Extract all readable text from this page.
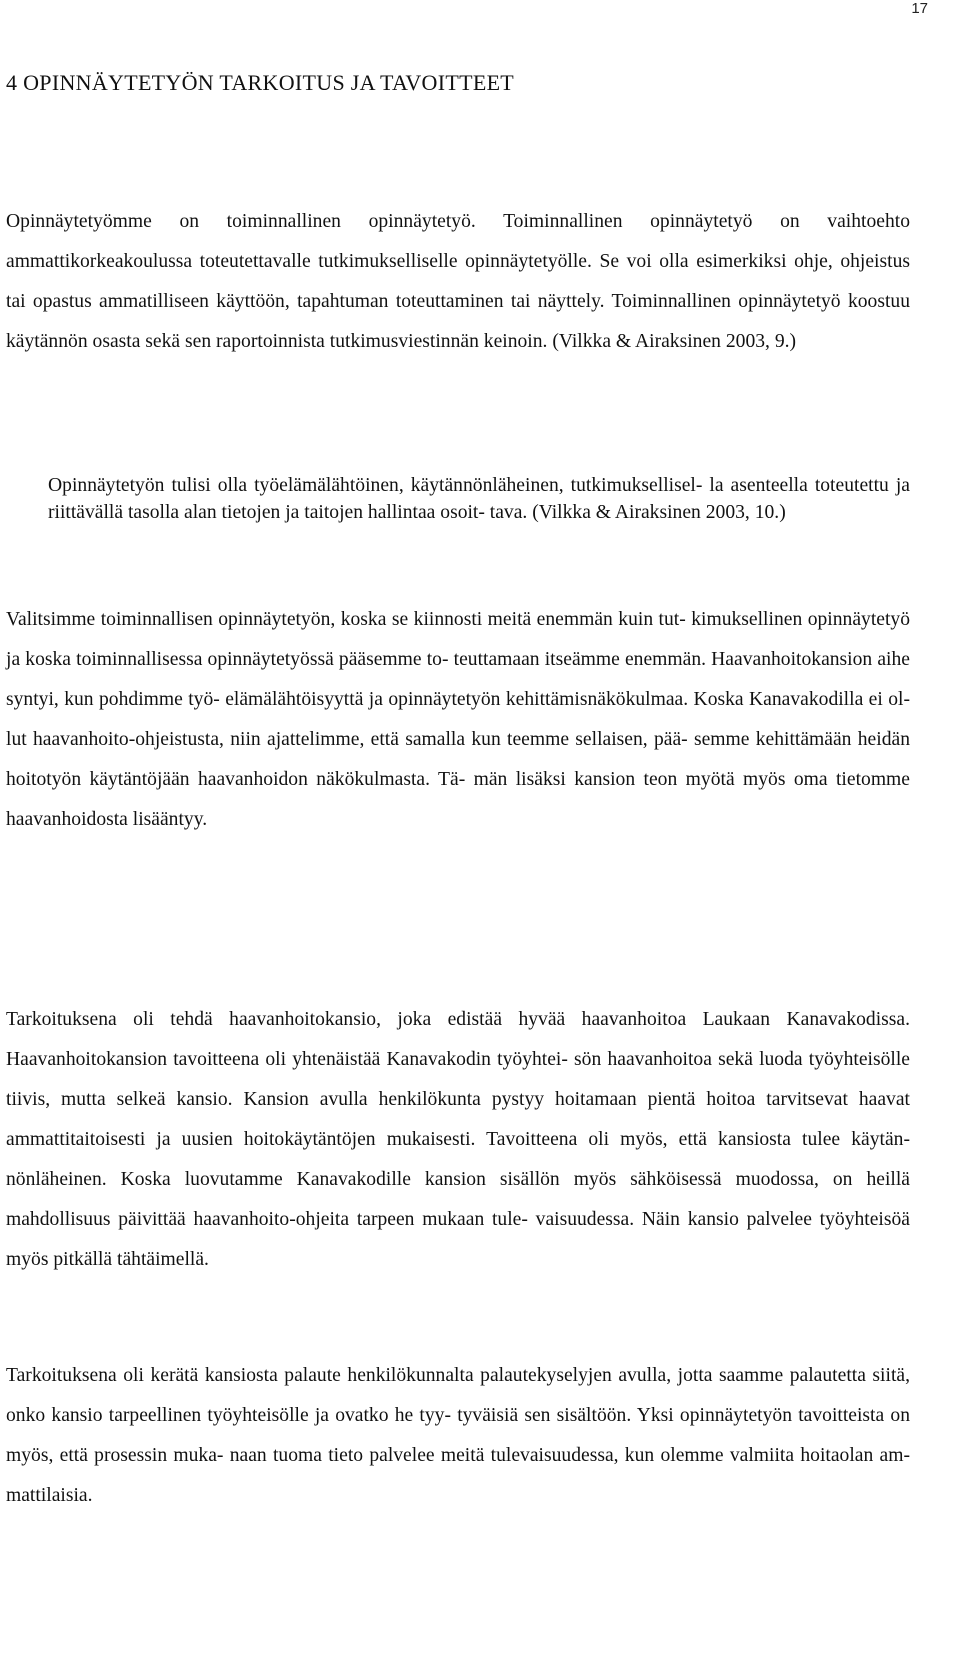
17
4 OPINNÄYTETYÖN TARKOITUS JA TAVOITTEET

Opinnäytetyömme on toiminnallinen opinnäytetyö. Toiminnallinen opinnäytetyö on vaihtoehto ammattikorkeakoulussa toteutettavalle tutkimukselliselle opinnäytetyölle. Se voi olla esimerkiksi ohje, ohjeistus tai opastus ammatilliseen käyttöön, tapahtuman toteuttaminen tai näyttely. Toiminnallinen opinnäytetyö koostuu käytännön osasta sekä sen raportoinnista tutkimusviestinnän keinoin. (Vilkka & Airaksinen 2003, 9.)

Opinnäytetyön tulisi olla työelämälähtöinen, käytännönläheinen, tutkimuksellisel- la asenteella toteutettu ja riittävällä tasolla alan tietojen ja taitojen hallintaa osoit- tava. (Vilkka & Airaksinen 2003, 10.)

Valitsimme toiminnallisen opinnäytetyön, koska se kiinnosti meitä enemmän kuin tut- kimuksellinen opinnäytetyö ja koska toiminnallisessa opinnäytetyössä pääsemme to- teuttamaan itseämme enemmän. Haavanhoitokansion aihe syntyi, kun pohdimme työ- elämälähtöisyyttä ja opinnäytetyön kehittämisnäkökulmaa. Koska Kanavakodilla ei ol- lut haavanhoito-ohjeistusta, niin ajattelimme, että samalla kun teemme sellaisen, pää- semme kehittämään heidän hoitotyön käytäntöjään haavanhoidon näkökulmasta. Tä- män lisäksi kansion teon myötä myös oma tietomme haavanhoidosta lisääntyy.

Tarkoituksena oli tehdä haavanhoitokansio, joka edistää hyvää haavanhoitoa Laukaan Kanavakodissa. Haavanhoitokansion tavoitteena oli yhtenäistää Kanavakodin työyhtei- sön haavanhoitoa sekä luoda työyhteisölle tiivis, mutta selkeä kansio. Kansion avulla henkilökunta pystyy hoitamaan pientä hoitoa tarvitsevat haavat ammattitaitoisesti ja uusien hoitokäytäntöjen mukaisesti. Tavoitteena oli myös, että kansiosta tulee käytän- nönläheinen. Koska luovutamme Kanavakodille kansion sisällön myös sähköisessä muodossa, on heillä mahdollisuus päivittää haavanhoito-ohjeita tarpeen mukaan tule- vaisuudessa. Näin kansio palvelee työyhteisöä myös pitkällä tähtäimellä.

Tarkoituksena oli kerätä kansiosta palaute henkilökunnalta palautekyselyjen avulla, jotta saamme palautetta siitä, onko kansio tarpeellinen työyhteisölle ja ovatko he tyy- tyväisiä sen sisältöön. Yksi opinnäytetyön tavoitteista on myös, että prosessin muka- naan tuoma tieto palvelee meitä tulevaisuudessa, kun olemme valmiita hoitaolan am- mattilaisia.
